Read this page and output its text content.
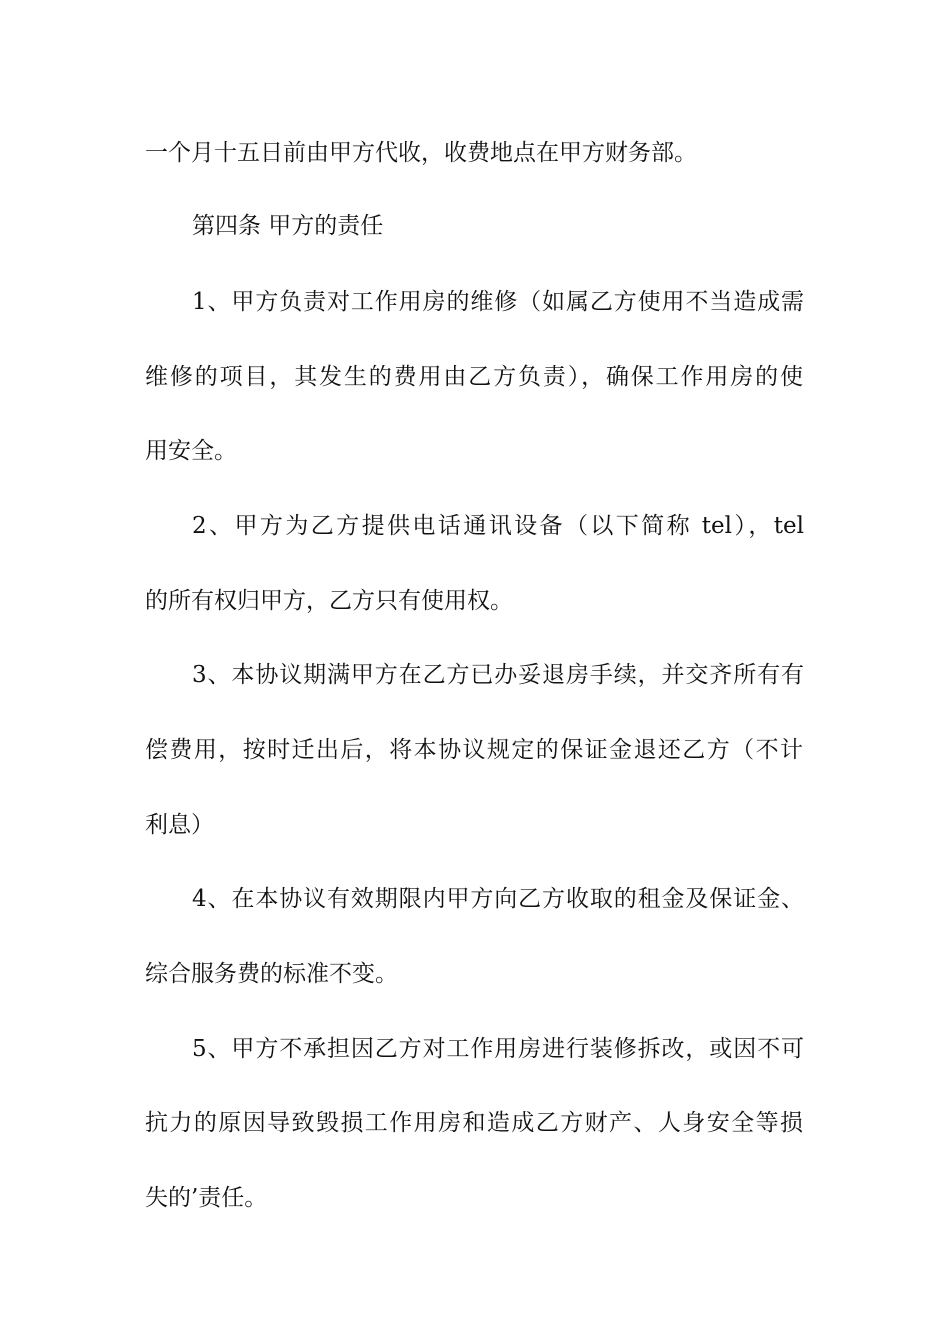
一个月十五日前由甲方代收，收费地点在甲方财务部。
第四条 甲方的责任
1、甲方负责对工作用房的维修（如属乙方使用不当造成需
维修的项目，其发生的费用由乙方负责），确保工作用房的使
用安全。
2、甲方为乙方提供电话通讯设备（以下简称 tel），tel
的所有权归甲方，乙方只有使用权。
3、本协议期满甲方在乙方已办妥退房手续，并交齐所有有
偿费用，按时迁出后，将本协议规定的保证金退还乙方（不计
利息）
4、在本协议有效期限内甲方向乙方收取的租金及保证金、
综合服务费的标准不变。
5、甲方不承担因乙方对工作用房进行装修拆改，或因不可
抗力的原因导致毁损工作用房和造成乙方财产、人身安全等损
失的’责任。
